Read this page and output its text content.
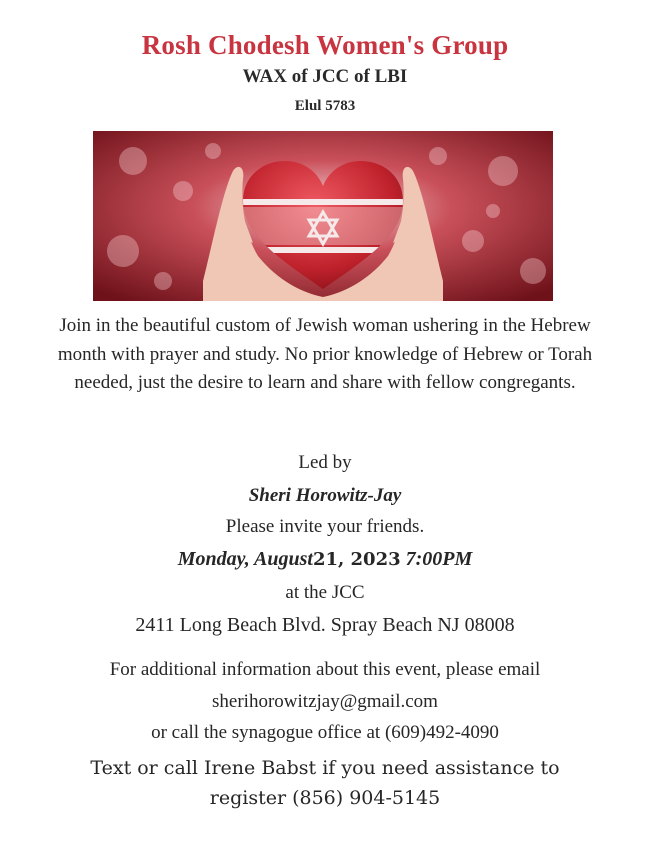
Rosh Chodesh Women's Group
WAX of JCC of LBI
Elul 5783
Join in the beautiful custom of Jewish woman ushering in the Hebrew month with prayer and study. No prior knowledge of Hebrew or Torah needed, just the desire to learn and share with fellow congregants.
Led by
Sheri Horowitz-Jay
Please invite your friends.
Monday, August21, 2023 7:00PM
at the JCC
2411 Long Beach Blvd. Spray Beach NJ 08008
For additional information about this event, please email
sherihorowitzjay@gmail.com
or call the synagogue office at (609)492-4090
Text or call Irene Babst if you need assistance to register (856) 904-5145
